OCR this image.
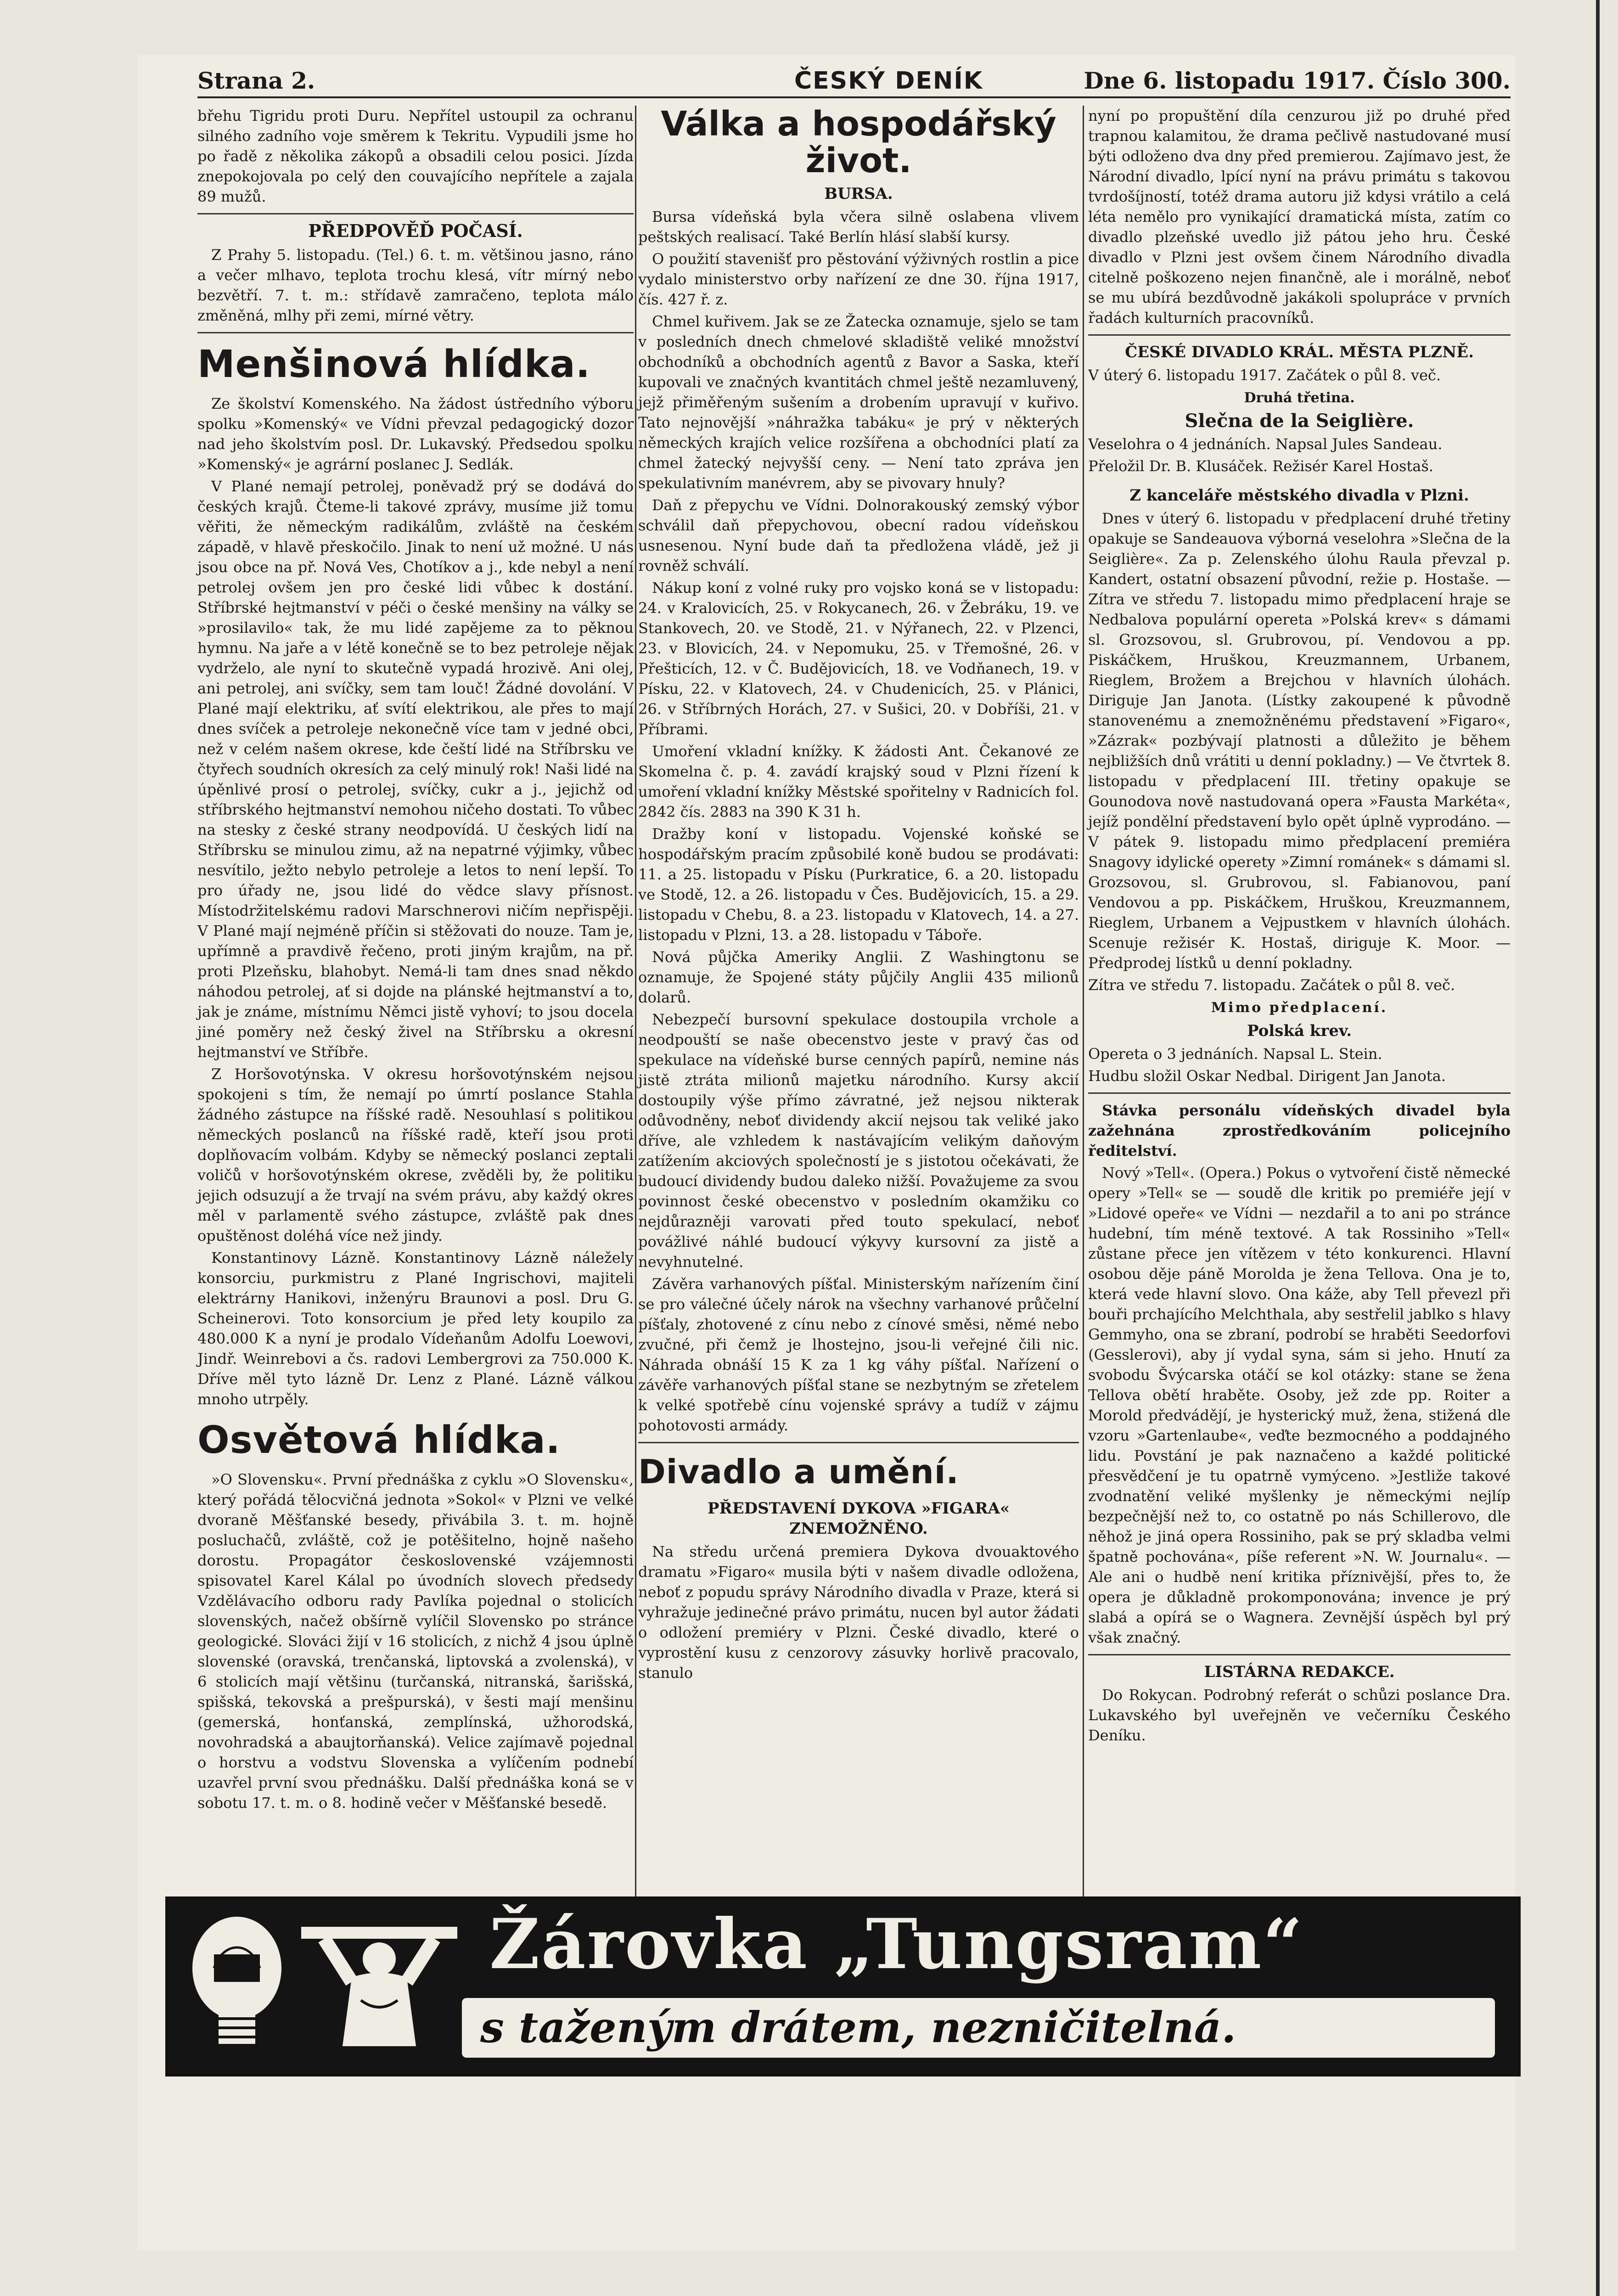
Strana 2.	ČESKÝ DENÍK	Dne 6. listopadu 1917. Číslo 300.

břehu Tigridu proti Duru. Nepřítel ustoupil za ochranu silného zadního voje směrem k Tekritu. Vypudili jsme ho po řadě z několika zákopů a obsadili celou posici. Jízda znepokojovala po celý den couvajícího nepřítele a zajala 89 mužů.

PŘEDPOVĚĎ POČASÍ.

Z Prahy 5. listopadu. (Tel.) 6. t. m. většinou jasno, ráno a večer mlhavo, teplota trochu klesá, vítr mírný nebo bezvětří. 7. t. m.: střídavě zamračeno, teplota málo změněná, mlhy při zemi, mírné větry.

Menšinová hlídka.

Ze školství Komenského. Na žádost ústředního výboru spolku »Komenský« ve Vídni převzal pedagogický dozor nad jeho školstvím posl. Dr. Lukavský. Předsedou spolku »Komenský« je agrární poslanec J. Sedlák.

V Plané nemají petrolej, poněvadž prý se dodává do českých krajů. Čteme-li takové zprávy, musíme již tomu věřiti, že německým radikálům, zvláště na českém západě, v hlavě přeskočilo. Jinak to není už možné. U nás jsou obce na př. Nová Ves, Chotíkov a j., kde nebyl a není petrolej ovšem jen pro české lidi vůbec k dostání. Stříbrské hejtmanství v péči o české menšiny na války se »prosilavilo« tak, že mu lidé zapějeme za to pěknou hymnu. Na jaře a v létě konečně se to bez petroleje nějak vydrželo, ale nyní to skutečně vypadá hrozivě. Ani olej, ani petrolej, ani svíčky, sem tam louč! Žádné dovolání. V Plané mají elektriku, ať svítí elektrikou, ale přes to mají dnes svíček a petroleje nekonečně více tam v jedné obci, než v celém našem okrese, kde čeští lidé na Stříbrsku ve čtyřech soudních okresích za celý minulý rok! Naši lidé na úpěnlivé prosí o petrolej, svíčky, cukr a j., jejichž od stříbrského hejtmanství nemohou ničeho dostati. To vůbec na stesky z české strany neodpovídá. U českých lidí na Stříbrsku se minulou zimu, až na nepatrné výjimky, vůbec nesvítilo, ježto nebylo petroleje a letos to není lepší. To pro úřady ne, jsou lidé do vědce slavy přísnost. Místodržitelskému radovi Marschnerovi ničím nepřispěji. V Plané mají nejméně příčin si stěžovati do nouze. Tam je, upřímně a pravdivě řečeno, proti jiným krajům, na př. proti Plzeňsku, blahobyt. Nemá-li tam dnes snad někdo náhodou petrolej, ať si dojde na plánské hejtmanství a to, jak je známe, místnímu Němci jistě vyhoví; to jsou docela jiné poměry než český živel na Stříbrsku a okresní hejtmanství ve Stříbře.

Z Horšovotýnska. V okresu horšovotýnském nejsou spokojeni s tím, že nemají po úmrtí poslance Stahla žádného zástupce na říšské radě. Nesouhlasí s politikou německých poslanců na říšské radě, kteří jsou proti doplňovacím volbám. Kdyby se německý poslanci zeptali voličů v horšovotýnském okrese, zvěděli by, že politiku jejich odsuzují a že trvají na svém právu, aby každý okres měl v parlamentě svého zástupce, zvláště pak dnes opuštěnost doléhá více než jindy.

Konstantinovy Lázně. Konstantinovy Lázně náležely konsorciu, purkmistru z Plané Ingrischovi, majiteli elektrárny Hanikovi, inženýru Braunovi a posl. Dru G. Scheinerovi. Toto konsorcium je před lety koupilo za 480.000 K a nyní je prodalo Vídeňanům Adolfu Loewovi, Jindř. Weinrebovi a čs. radovi Lembergrovi za 750.000 K. Dříve měl tyto lázně Dr. Lenz z Plané. Lázně válkou mnoho utrpěly.

Osvětová hlídka.

»O Slovensku«. První přednáška z cyklu »O Slovensku«, který pořádá tělocvičná jednota »Sokol« v Plzni ve velké dvoraně Měšťanské besedy, přivábila 3. t. m. hojně posluchačů, zvláště, což je potěšitelno, hojně našeho dorostu. Propagátor československé vzájemnosti spisovatel Karel Kálal po úvodních slovech předsedy Vzdělávacího odboru rady Pavlíka pojednal o stolicích slovenských, načež obšírně vylíčil Slovensko po stránce geologické. Slováci žijí v 16 stolicích, z nichž 4 jsou úplně slovenské (oravská, trenčanská, liptovská a zvolenská), v 6 stolicích mají většinu (turčanská, nitranská, šarišská, spišská, tekovská a prešpurská), v šesti mají menšinu (gemerská, honťanská, zemplínská, užhorodská, novohradská a abaujtorňanská). Velice zajímavě pojednal o horstvu a vodstvu Slovenska a vylíčením podnebí uzavřel první svou přednášku. Další přednáška koná se v sobotu 17. t. m. o 8. hodině večer v Měšťanské besedě.

Válka a hospodářský život.

BURSA.

Bursa vídeňská byla včera silně oslabena vlivem peštských realisací. Také Berlín hlásí slabší kursy.

O použití stavenišť pro pěstování výživných rostlin a pice vydalo ministerstvo orby nařízení ze dne 30. října 1917, čís. 427 ř. z.

Chmel kuřivem. Jak se ze Žatecka oznamuje, sjelo se tam v posledních dnech chmelové skladiště veliké množství obchodníků a obchodních agentů z Bavor a Saska, kteří kupovali ve značných kvantitách chmel ještě nezamluvený, jejž přiměřeným sušením a drobením upravují v kuřivo. Tato nejnovější »náhražka tabáku« je prý v některých německých krajích velice rozšířena a obchodníci platí za chmel žatecký nejvyšší ceny. — Není tato zpráva jen spekulativním manévrem, aby se pivovary hnuly?

Daň z přepychu ve Vídni. Dolnorakouský zemský výbor schválil daň přepychovou, obecní radou vídeňskou usnesenou. Nyní bude daň ta předložena vládě, jež ji rovněž schválí.

Nákup koní z volné ruky pro vojsko koná se v listopadu: 24. v Kralovicích, 25. v Rokycanech, 26. v Žebráku, 19. ve Stankovech, 20. ve Stodě, 21. v Nýřanech, 22. v Plzenci, 23. v Blovicích, 24. v Nepomuku, 25. v Třemošné, 26. v Přešticích, 12. v Č. Budějovicích, 18. ve Vodňanech, 19. v Písku, 22. v Klatovech, 24. v Chudenicích, 25. v Plánici, 26. v Stříbrných Horách, 27. v Sušici, 20. v Dobříši, 21. v Příbrami.

Umoření vkladní knížky. K žádosti Ant. Čekanové ze Skomelna č. p. 4. zavádí krajský soud v Plzni řízení k umoření vkladní knížky Městské spořitelny v Radnicích fol. 2842 čís. 2883 na 390 K 31 h.

Dražby koní v listopadu. Vojenské koňské se hospodářským pracím způsobilé koně budou se prodávati: 11. a 25. listopadu v Písku (Purkratice, 6. a 20. listopadu ve Stodě, 12. a 26. listopadu v Čes. Budějovicích, 15. a 29. listopadu v Chebu, 8. a 23. listopadu v Klatovech, 14. a 27. listopadu v Plzni, 13. a 28. listopadu v Táboře.

Nová půjčka Ameriky Anglii. Z Washingtonu se oznamuje, že Spojené státy půjčily Anglii 435 milionů dolarů.

Nebezpečí bursovní spekulace dostoupila vrchole a neodpouští se naše obecenstvo jeste v pravý čas od spekulace na vídeňské burse cenných papírů, nemine nás jistě ztráta milionů majetku národního. Kursy akcií dostoupily výše přímo závratné, jež nejsou nikterak odůvodněny, neboť dividendy akcií nejsou tak veliké jako dříve, ale vzhledem k nastávajícím velikým daňovým zatížením akciových společností je s jistotou očekávati, že budoucí dividendy budou daleko nižší. Považujeme za svou povinnost české obecenstvo v posledním okamžiku co nejdůrazněji varovati před touto spekulací, neboť povážlivé náhlé budoucí výkyvy kursovní za jistě a nevyhnutelné.

Závěra varhanových píšťal. Ministerským nařízením činí se pro válečné účely nárok na všechny varhanové průčelní píšťaly, zhotovené z cínu nebo z cínové směsi, němé nebo zvučné, při čemž je lhostejno, jsou-li veřejné čili nic. Náhrada obnáší 15 K za 1 kg váhy píšťal. Nařízení o závěře varhanových píšťal stane se nezbytným se zřetelem k velké spotřebě cínu vojenské správy a tudíž v zájmu pohotovosti armády.

Divadlo a umění.

PŘEDSTAVENÍ DYKOVA »FIGARA« ZNEMOŽNĚNO.

Na středu určená premiera Dykova dvouaktového dramatu »Figaro« musila býti v našem divadle odložena, neboť z popudu správy Národního divadla v Praze, která si vyhražuje jedinečné právo primátu, nucen byl autor žádati o odložení premiéry v Plzni. České divadlo, které o vyprostění kusu z cenzorovy zásuvky horlivě pracovalo, stanulo

nyní po propuštění díla cenzurou již po druhé před trapnou kalamitou, že drama pečlivě nastudované musí býti odloženo dva dny před premierou. Zajímavo jest, že Národní divadlo, lpící nyní na právu primátu s takovou tvrdošíjností, totéž drama autoru již kdysi vrátilo a celá léta nemělo pro vynikající dramatická místa, zatím co divadlo plzeňské uvedlo již pátou jeho hru. České divadlo v Plzni jest ovšem činem Národního divadla citelně poškozeno nejen finančně, ale i morálně, neboť se mu ubírá bezdůvodně jakákoli spolupráce v prvních řadách kulturních pracovníků.

ČESKÉ DIVADLO KRÁL. MĚSTA PLZNĚ.

V úterý 6. listopadu 1917. Začátek o půl 8. več.

Druhá třetina.

Slečna de la Seiglière.

Veselohra o 4 jednáních. Napsal Jules Sandeau.

Přeložil Dr. B. Klusáček. Režisér Karel Hostaš.

Z kanceláře městského divadla v Plzni.

Dnes v úterý 6. listopadu v předplacení druhé třetiny opakuje se Sandeauova výborná veselohra »Slečna de la Seiglière«. Za p. Zelenského úlohu Raula převzal p. Kandert, ostatní obsazení původní, režie p. Hostaše. — Zítra ve středu 7. listopadu mimo předplacení hraje se Nedbalova populární opereta »Polská krev« s dámami sl. Grozsovou, sl. Grubrovou, pí. Vendovou a pp. Piskáčkem, Hruškou, Kreuzmannem, Urbanem, Rieglem, Brožem a Brejchou v hlavních úlohách. Diriguje Jan Janota. (Lístky zakoupené k původně stanovenému a znemožněnému představení »Figaro«, »Zázrak« pozbývají platnosti a důležito je během nejbližších dnů vrátiti u denní pokladny.) — Ve čtvrtek 8. listopadu v předplacení III. třetiny opakuje se Gounodova nově nastudovaná opera »Fausta Markéta«, jejíž pondělní představení bylo opět úplně vyprodáno. — V pátek 9. listopadu mimo předplacení premiéra Snagovy idylické operety »Zimní románek« s dámami sl. Grozsovou, sl. Grubrovou, sl. Fabianovou, paní Vendovou a pp. Piskáčkem, Hruškou, Kreuzmannem, Rieglem, Urbanem a Vejpustkem v hlavních úlohách. Scenuje režisér K. Hostaš, diriguje K. Moor. — Předprodej lístků u denní pokladny.

Zítra ve středu 7. listopadu. Začátek o půl 8. več.

Mimo předplacení.

Polská krev.

Opereta o 3 jednáních. Napsal L. Stein.

Hudbu složil Oskar Nedbal. Dirigent Jan Janota.

Stávka personálu vídeňských divadel byla zažehnána zprostředkováním policejního ředitelství.

Nový »Tell«. (Opera.) Pokus o vytvoření čistě německé opery »Tell« se — soudě dle kritik po premiéře její v »Lidové opeře« ve Vídni — nezdařil a to ani po stránce hudební, tím méně textové. A tak Rossiniho »Tell« zůstane přece jen vítězem v této konkurenci. Hlavní osobou děje páně Morolda je žena Tellova. Ona je to, která vede hlavní slovo. Ona káže, aby Tell převezl při bouři prchajícího Melchthala, aby sestřelil jablko s hlavy Gemmyho, ona se zbraní, podrobí se hraběti Seedorfovi (Gesslerovi), aby jí vydal syna, sám si jeho. Hnutí za svobodu Švýcarska otáčí se kol otázky: stane se žena Tellova obětí hraběte. Osoby, jež zde pp. Roiter a Morold předvádějí, je hysterický muž, žena, stižená dle vzoru »Gartenlaube«, veďte bezmocného a poddajného lidu. Povstání je pak naznačeno a každé politické přesvědčení je tu opatrně vymýceno. »Jestliže takové zvodnatění veliké myšlenky je německými nejlíp bezpečnější než to, co ostatně po nás Schillerovo, dle něhož je jiná opera Rossiniho, pak se prý skladba velmi špatně pochována«, píše referent »N. W. Journalu«. — Ale ani o hudbě není kritika příznivější, přes to, že opera je důkladně prokomponována; invence je prý slabá a opírá se o Wagnera. Zevnější úspěch byl prý však značný.

LISTÁRNA REDAKCE.

Do Rokycan. Podrobný referát o schůzi poslance Dra. Lukavského byl uveřejněn ve večerníku Českého Deníku.

Žárovka „Tungsram“
s taženým drátem, nezničitelná.
